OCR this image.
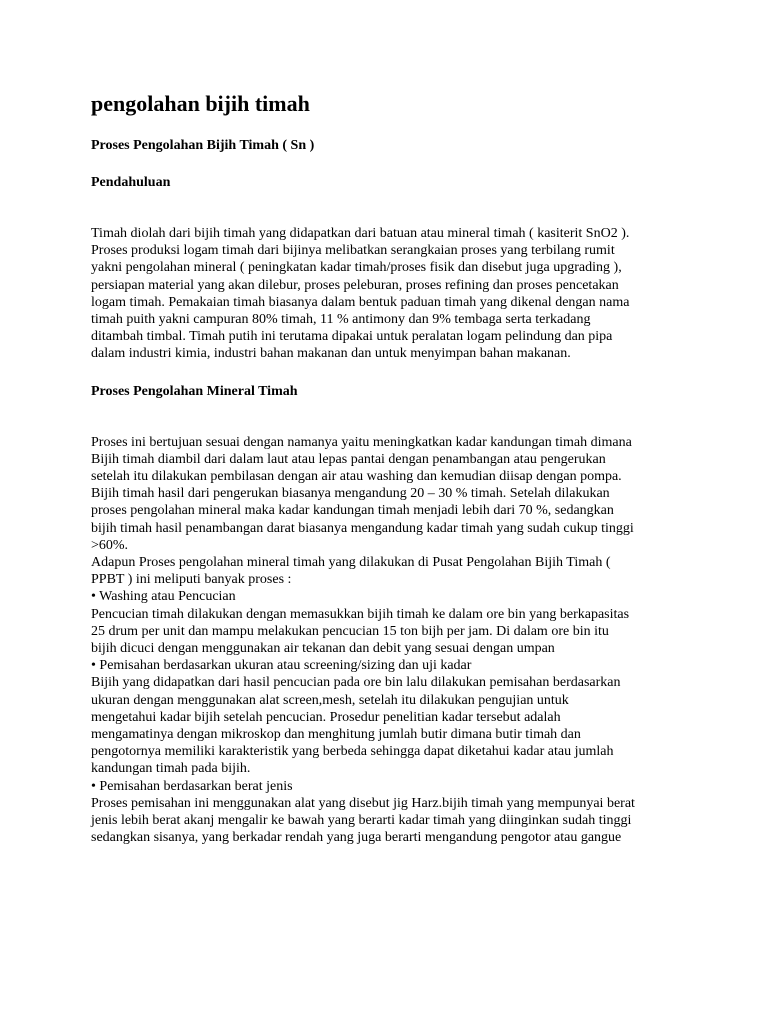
pengolahan bijih timah
Proses Pengolahan Bijih Timah ( Sn )
Pendahuluan

Timah diolah dari bijih timah yang didapatkan dari batuan atau mineral timah ( kasiterit SnO2 ).
Proses produksi logam timah dari bijinya melibatkan serangkaian proses yang terbilang rumit
yakni pengolahan mineral ( peningkatan kadar timah/proses fisik dan disebut juga upgrading ),
persiapan material yang akan dilebur, proses peleburan, proses refining dan proses pencetakan
logam timah. Pemakaian timah biasanya dalam bentuk paduan timah yang dikenal dengan nama
timah puith yakni campuran 80% timah, 11 % antimony dan 9% tembaga serta terkadang
ditambah timbal. Timah putih ini terutama dipakai untuk peralatan logam pelindung dan pipa
dalam industri kimia, industri bahan makanan dan untuk menyimpan bahan makanan.

Proses Pengolahan Mineral Timah

Proses ini bertujuan sesuai dengan namanya yaitu meningkatkan kadar kandungan timah dimana
Bijih timah diambil dari dalam laut atau lepas pantai dengan penambangan atau pengerukan
setelah itu dilakukan pembilasan dengan air atau washing dan kemudian diisap dengan pompa.
Bijih timah hasil dari pengerukan biasanya mengandung 20 – 30 % timah. Setelah dilakukan
proses pengolahan mineral maka kadar kandungan timah menjadi lebih dari 70 %, sedangkan
bijih timah hasil penambangan darat biasanya mengandung kadar timah yang sudah cukup tinggi
>60%.
Adapun Proses pengolahan mineral timah yang dilakukan di Pusat Pengolahan Bijih Timah (
PPBT ) ini meliputi banyak proses :

• Washing atau Pencucian
Pencucian timah dilakukan dengan memasukkan bijih timah ke dalam ore bin yang berkapasitas
25 drum per unit dan mampu melakukan pencucian 15 ton bijh per jam. Di dalam ore bin itu
bijih dicuci dengan menggunakan air tekanan dan debit yang sesuai dengan umpan

• Pemisahan berdasarkan ukuran atau screening/sizing dan uji kadar
Bijih yang didapatkan dari hasil pencucian pada ore bin lalu dilakukan pemisahan berdasarkan
ukuran dengan menggunakan alat screen,mesh, setelah itu dilakukan pengujian untuk
mengetahui kadar bijih setelah pencucian. Prosedur penelitian kadar tersebut adalah
mengamatinya dengan mikroskop dan menghitung jumlah butir dimana butir timah dan
pengotornya memiliki karakteristik yang berbeda sehingga dapat diketahui kadar atau jumlah
kandungan timah pada bijih.

• Pemisahan berdasarkan berat jenis
Proses pemisahan ini menggunakan alat yang disebut jig Harz.bijih timah yang mempunyai berat
jenis lebih berat akanj mengalir ke bawah yang berarti kadar timah yang diinginkan sudah tinggi
sedangkan sisanya, yang berkadar rendah yang juga berarti mengandung pengotor atau gangue
